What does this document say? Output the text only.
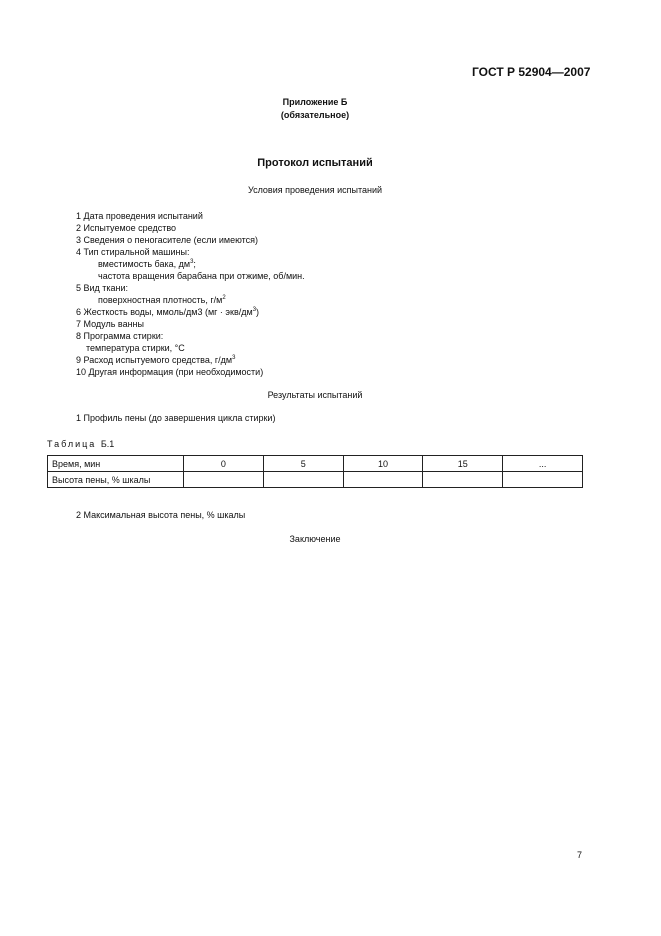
ГОСТ Р 52904—2007
Приложение Б
(обязательное)
Протокол испытаний
Условия проведения испытаний
1 Дата проведения испытаний
2 Испытуемое средство
3 Сведения о пеногасителе (если имеются)
4 Тип стиральной машины:
вместимость бака, $дм^3$;
частота вращения барабана при отжиме, об/мин.
5 Вид ткани:
поверхностная плотность, $г/м^2$
6 Жесткость воды, ммоль/дм3 (мг · экв/$дм^3$)
7 Модуль ванны
8 Программа стирки:
температура стирки, °С
9 Расход испытуемого средства, $г/дм^3$
10 Другая информация (при необходимости)
Результаты испытаний
1 Профиль пены (до завершения цикла стирки)
Таблица Б.1
Время, мин	0	5	10	15	...
Высота пены, % шкалы					
2 Максимальная высота пены, % шкалы
Заключение
7
